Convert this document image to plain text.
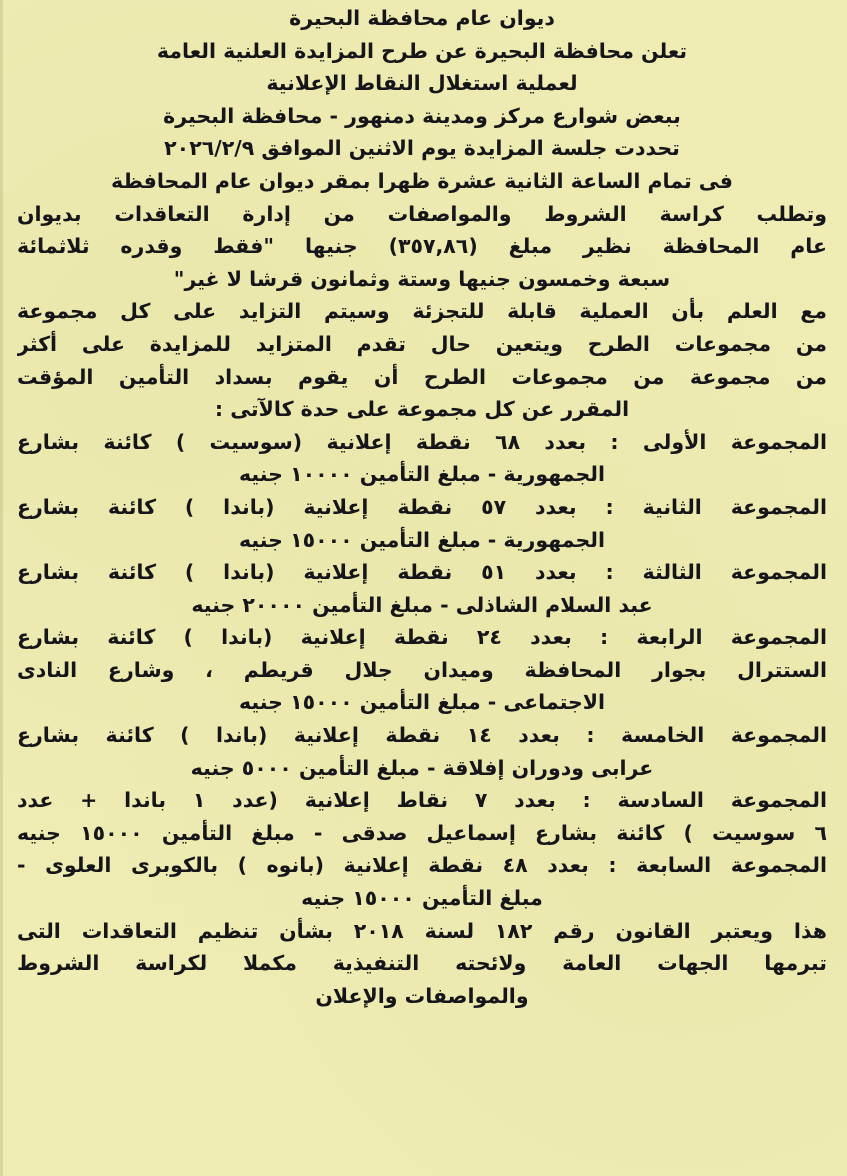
ديوان عام محافظة البحيرة
تعلن محافظة البحيرة عن طرح المزايدة العلنية العامة
لعملية استغلال النقاط الإعلانية
ببعض شوارع مركز ومدينة دمنهور - محافظة البحيرة
تحددت جلسة المزايدة يوم الاثنين الموافق ٢٠٢٦/٢/٩
فى تمام الساعة الثانية عشرة ظهرا بمقر ديوان عام المحافظة
وتطلب كراسة الشروط والمواصفات من إدارة التعاقدات بديوان
عام المحافظة نظير مبلغ (٣٥٧,٨٦) جنيها "فقط وقدره ثلاثمائة
سبعة وخمسون جنيها وستة وثمانون قرشا لا غير"
مع العلم بأن العملية قابلة للتجزئة وسيتم التزايد على كل مجموعة
من مجموعات الطرح ويتعين حال تقدم المتزايد للمزايدة على أكثر
من مجموعة من مجموعات الطرح أن يقوم بسداد التأمين المؤقت
المقرر عن كل مجموعة على حدة كالآتى :
المجموعة الأولى : بعدد ٦٨ نقطة إعلانية (سوسيت ) كائنة بشارع
الجمهورية - مبلغ التأمين ١٠٠٠٠ جنيه
المجموعة الثانية : بعدد ٥٧ نقطة إعلانية (باندا ) كائنة بشارع
الجمهورية - مبلغ التأمين ١٥٠٠٠ جنيه
المجموعة الثالثة : بعدد ٥١ نقطة إعلانية (باندا ) كائنة بشارع
عبد السلام الشاذلى - مبلغ التأمين ٢٠٠٠٠ جنيه
المجموعة الرابعة : بعدد ٢٤ نقطة إعلانية (باندا ) كائنة بشارع
الستترال بجوار المحافظة وميدان جلال قريطم ، وشارع النادى
الاجتماعى - مبلغ التأمين ١٥٠٠٠ جنيه
المجموعة الخامسة : بعدد ١٤ نقطة إعلانية (باندا ) كائنة بشارع
عرابى ودوران إفلاقة - مبلغ التأمين ٥٠٠٠ جنيه
المجموعة السادسة : بعدد ٧ نقاط إعلانية (عدد ١ باندا + عدد
٦ سوسيت ) كائنة بشارع إسماعيل صدقى - مبلغ التأمين ١٥٠٠٠ جنيه
المجموعة السابعة : بعدد ٤٨ نقطة إعلانية (بانوه ) بالكوبرى العلوى -
مبلغ التأمين ١٥٠٠٠ جنيه
هذا ويعتبر القانون رقم ١٨٢ لسنة ٢٠١٨ بشأن تنظيم التعاقدات التى
تبرمها الجهات العامة ولائحته التنفيذية مكملا لكراسة الشروط
والمواصفات والإعلان
